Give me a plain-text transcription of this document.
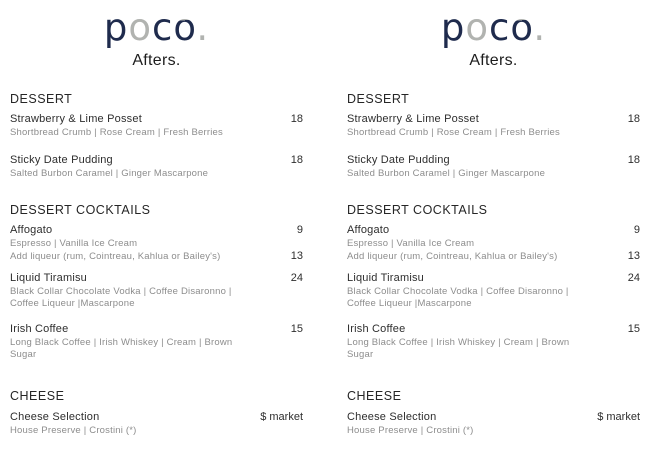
poco.
Afters.
DESSERT
Strawberry & Lime Posset	18
Shortbread Crumb | Rose Cream | Fresh Berries
Sticky Date Pudding	18
Salted Burbon Caramel | Ginger Mascarpone
DESSERT COCKTAILS
Affogato	9
Espresso | Vanilla Ice Cream
Add liqueur (rum, Cointreau, Kahlua or Bailey's)	13
Liquid Tiramisu	24
Black Collar Chocolate Vodka | Coffee Disaronno |
Coffee Liqueur |Mascarpone
Irish Coffee	15
Long Black Coffee | Irish Whiskey | Cream | Brown
Sugar
CHEESE
Cheese Selection	$ market
House Preserve | Crostini (*)
poco.
Afters.
DESSERT
Strawberry & Lime Posset	18
Shortbread Crumb | Rose Cream | Fresh Berries
Sticky Date Pudding	18
Salted Burbon Caramel | Ginger Mascarpone
DESSERT COCKTAILS
Affogato	9
Espresso | Vanilla Ice Cream
Add liqueur (rum, Cointreau, Kahlua or Bailey's)	13
Liquid Tiramisu	24
Black Collar Chocolate Vodka | Coffee Disaronno |
Coffee Liqueur |Mascarpone
Irish Coffee	15
Long Black Coffee | Irish Whiskey | Cream | Brown
Sugar
CHEESE
Cheese Selection	$ market
House Preserve | Crostini (*)
